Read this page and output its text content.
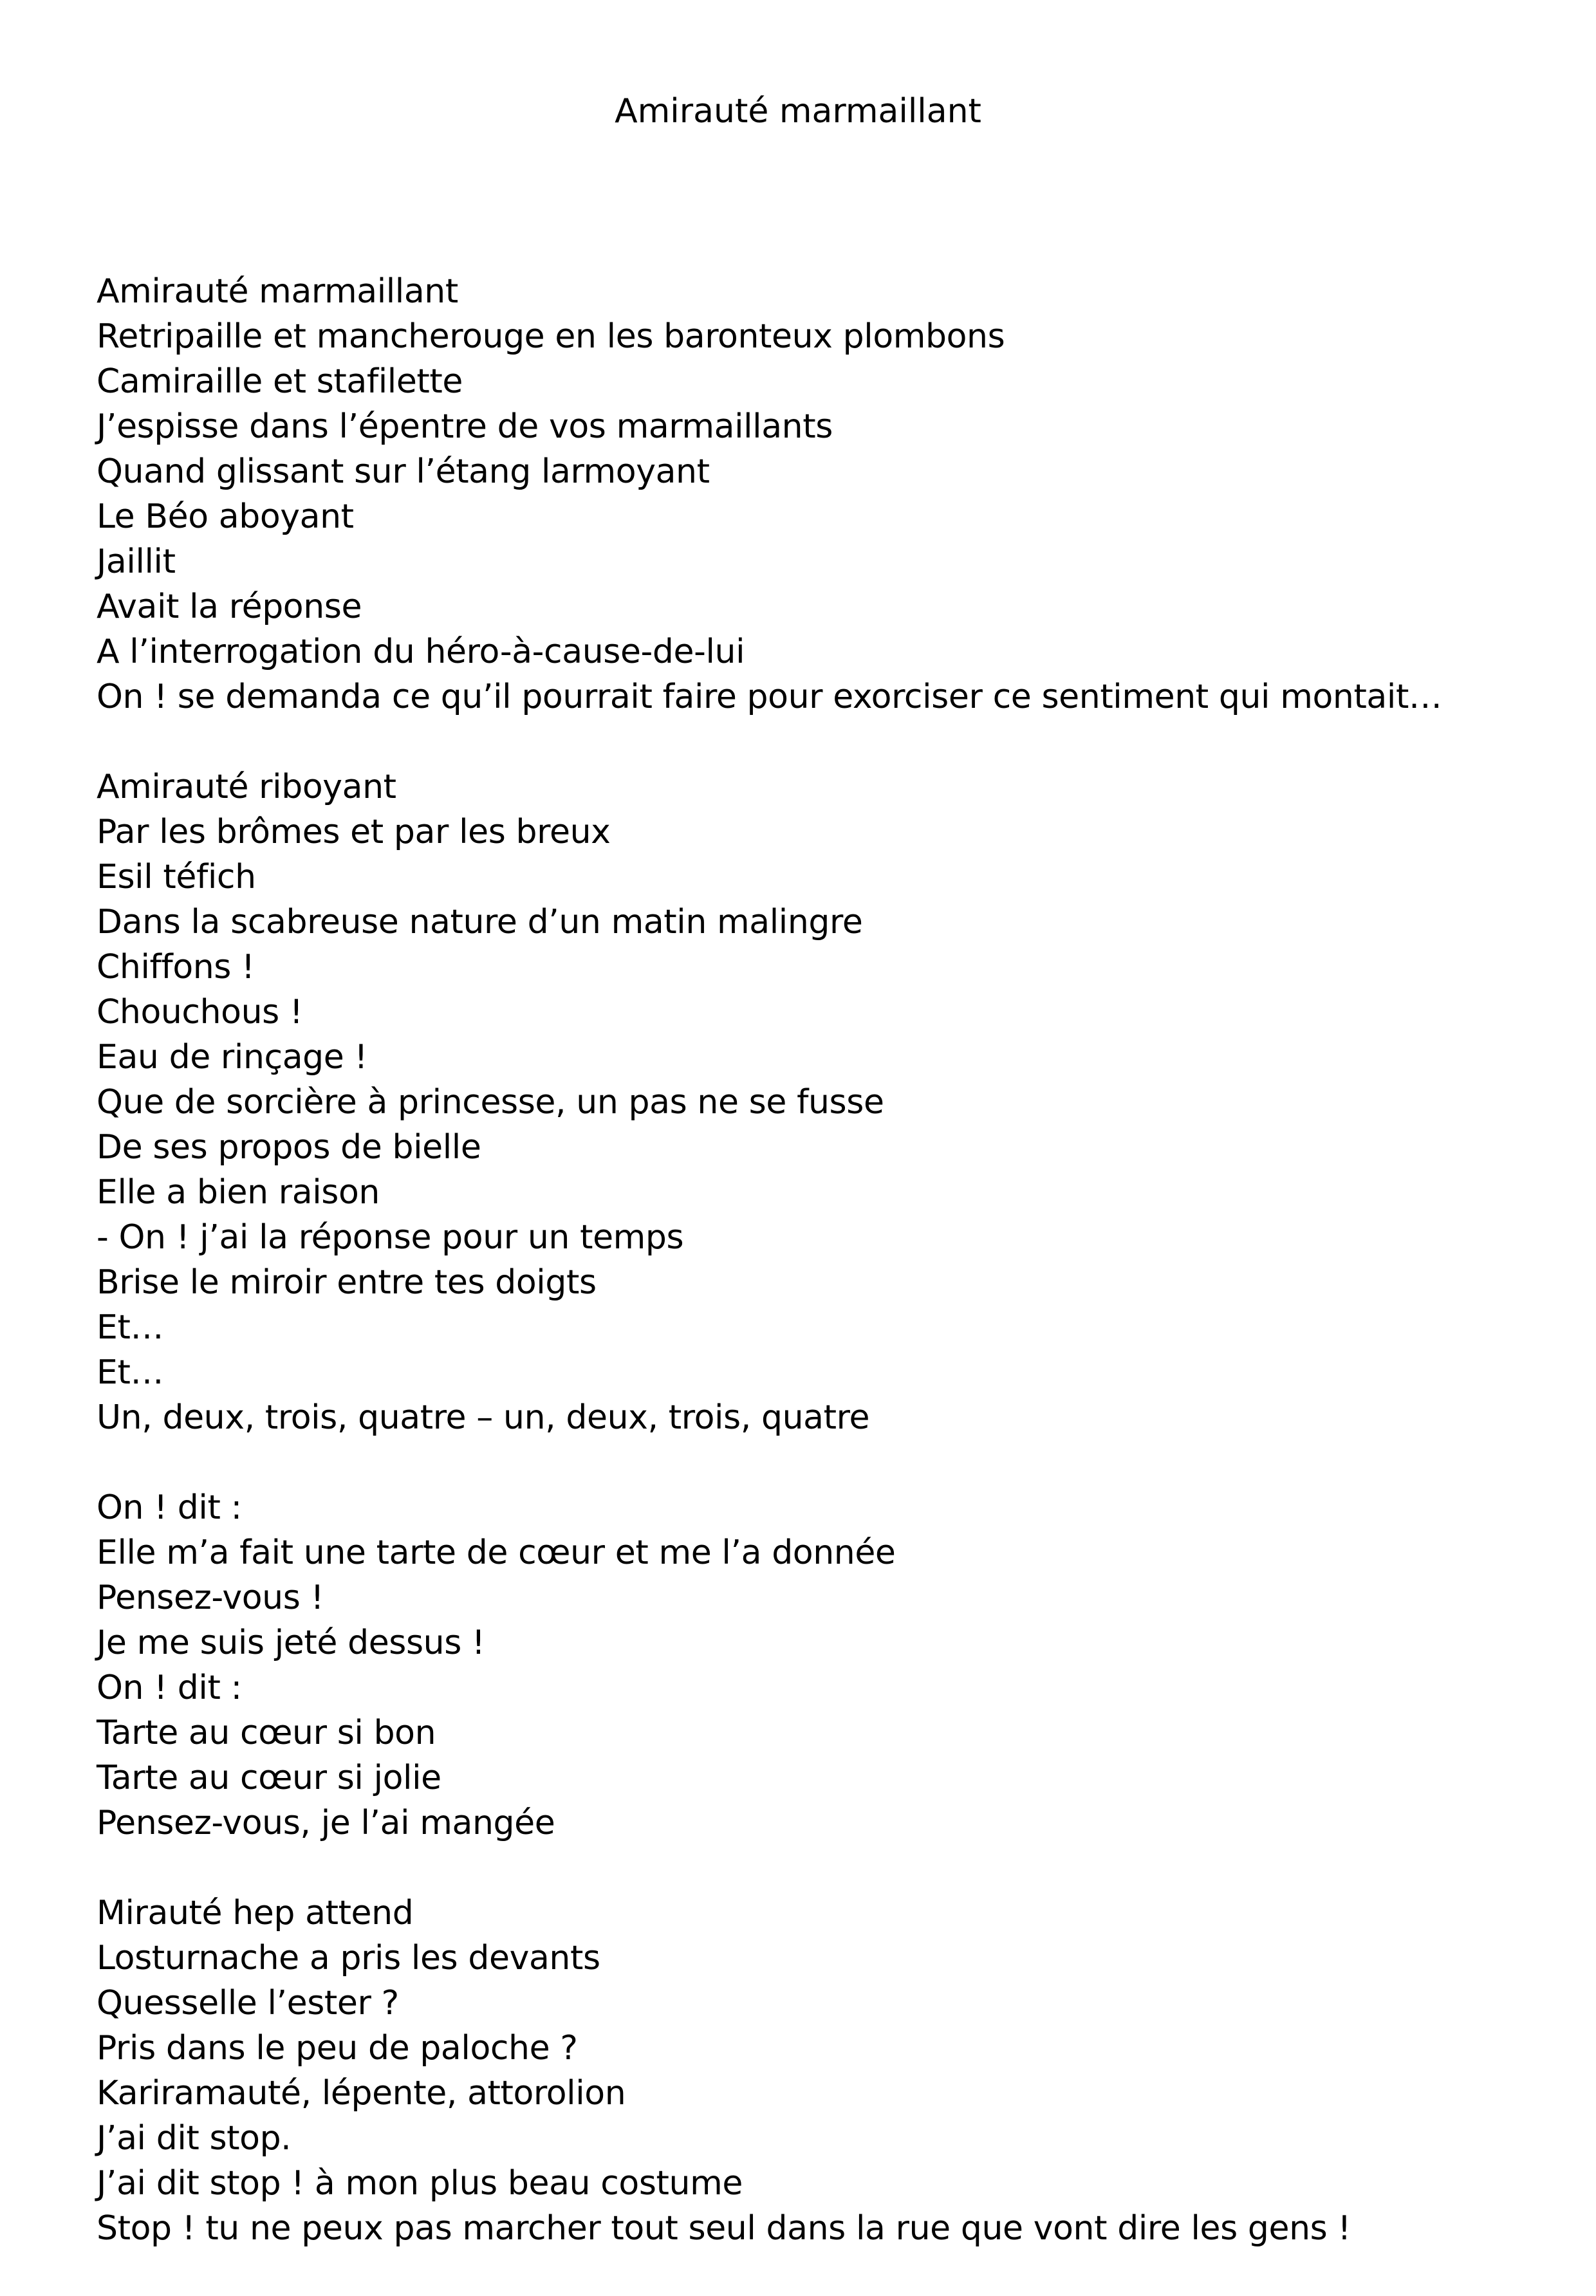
Amirauté marmaillant
Amirauté marmaillant
Retripaille et mancherouge en les baronteux plombons
Camiraille et stafilette
J’espisse dans l’épentre de vos marmaillants
Quand glissant sur l’étang larmoyant
Le Béo aboyant
Jaillit
Avait la réponse
A l’interrogation du héro-à-cause-de-lui
On ! se demanda ce qu’il pourrait faire pour exorciser ce sentiment qui montait…
Amirauté riboyant
Par les brômes et par les breux
Esil téfich
Dans la scabreuse nature d’un matin malingre
Chiffons !
Chouchous !
Eau de rinçage !
Que de sorcière à princesse, un pas ne se fusse
De ses propos de bielle
Elle a bien raison
- On ! j’ai la réponse pour un temps
Brise le miroir entre tes doigts
Et…
Et…
Un, deux, trois, quatre – un, deux, trois, quatre
On ! dit :
Elle m’a fait une tarte de cœur et me l’a donnée
Pensez-vous !
Je me suis jeté dessus !
On ! dit :
Tarte au cœur si bon
Tarte au cœur si jolie
Pensez-vous, je l’ai mangée
Mirauté hep attend
Losturnache a pris les devants
Quesselle l’ester ?
Pris dans le peu de paloche ?
Kariramauté, lépente, attorolion
J’ai dit stop.
J’ai dit stop ! à mon plus beau costume
Stop ! tu ne peux pas marcher tout seul dans la rue que vont dire les gens !
